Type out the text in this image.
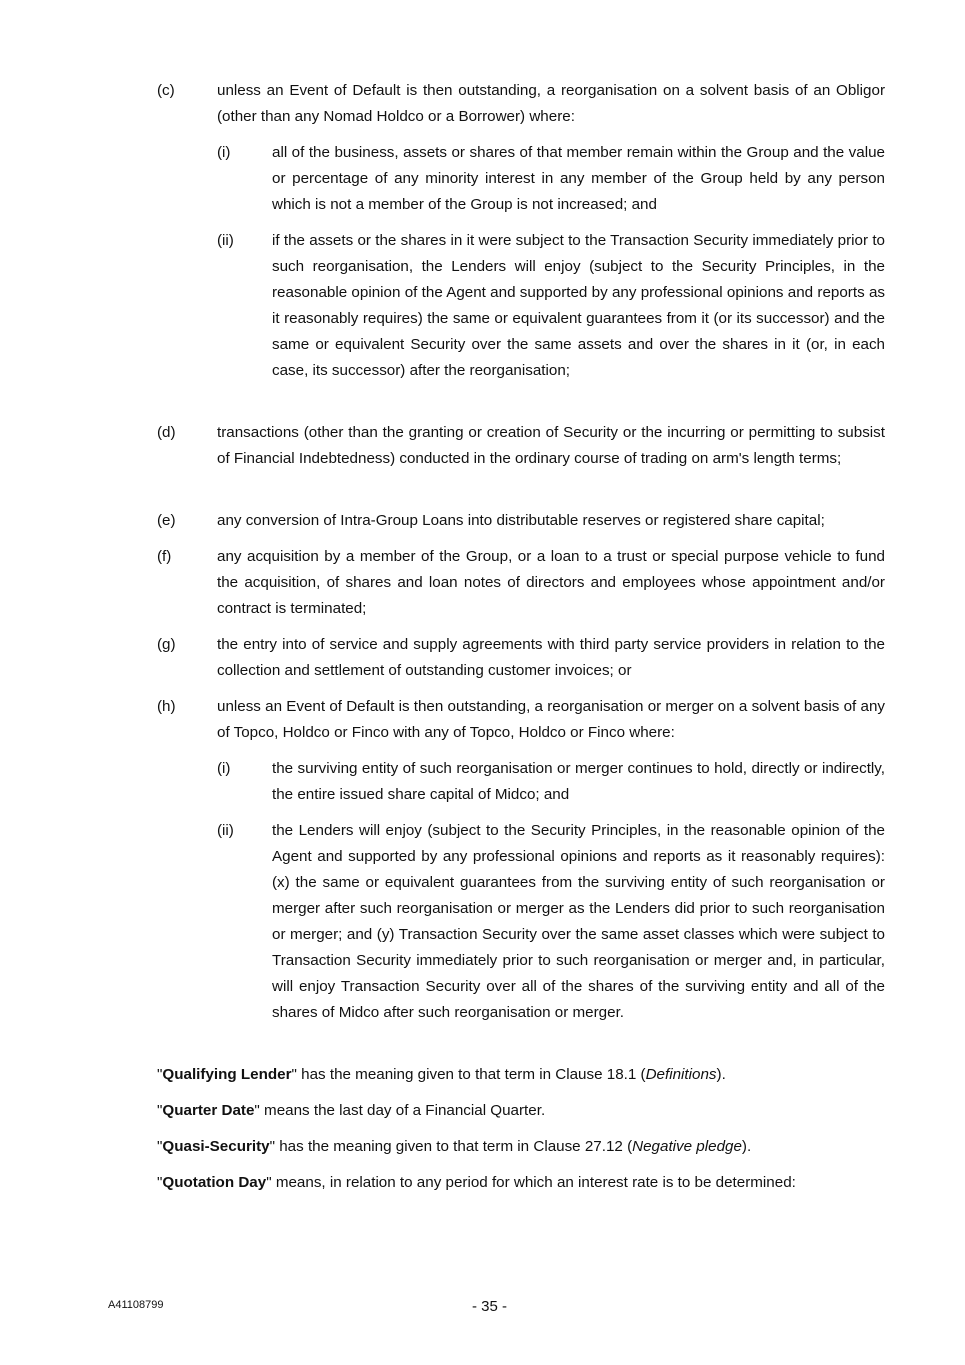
(c)	unless an Event of Default is then outstanding, a reorganisation on a solvent basis of an Obligor (other than any Nomad Holdco or a Borrower) where:
(i)	all of the business, assets or shares of that member remain within the Group and the value or percentage of any minority interest in any member of the Group held by any person which is not a member of the Group is not increased; and
(ii)	if the assets or the shares in it were subject to the Transaction Security immediately prior to such reorganisation, the Lenders will enjoy (subject to the Security Principles, in the reasonable opinion of the Agent and supported by any professional opinions and reports as it reasonably requires) the same or equivalent guarantees from it (or its successor) and the same or equivalent Security over the same assets and over the shares in it (or, in each case, its successor) after the reorganisation;
(d)	transactions (other than the granting or creation of Security or the incurring or permitting to subsist of Financial Indebtedness) conducted in the ordinary course of trading on arm's length terms;
(e)	any conversion of Intra-Group Loans into distributable reserves or registered share capital;
(f)	any acquisition by a member of the Group, or a loan to a trust or special purpose vehicle to fund the acquisition, of shares and loan notes of directors and employees whose appointment and/or contract is terminated;
(g)	the entry into of service and supply agreements with third party service providers in relation to the collection and settlement of outstanding customer invoices; or
(h)	unless an Event of Default is then outstanding, a reorganisation or merger on a solvent basis of any of Topco, Holdco or Finco with any of Topco, Holdco or Finco where:
(i)	the surviving entity of such reorganisation or merger continues to hold, directly or indirectly, the entire issued share capital of Midco; and
(ii)	the Lenders will enjoy (subject to the Security Principles, in the reasonable opinion of the Agent and supported by any professional opinions and reports as it reasonably requires): (x) the same or equivalent guarantees from the surviving entity of such reorganisation or merger after such reorganisation or merger as the Lenders did prior to such reorganisation or merger; and (y) Transaction Security over the same asset classes which were subject to Transaction Security immediately prior to such reorganisation or merger and, in particular, will enjoy Transaction Security over all of the shares of the surviving entity and all of the shares of Midco after such reorganisation or merger.
"Qualifying Lender" has the meaning given to that term in Clause 18.1 (Definitions).
"Quarter Date" means the last day of a Financial Quarter.
"Quasi-Security" has the meaning given to that term in Clause 27.12 (Negative pledge).
"Quotation Day" means, in relation to any period for which an interest rate is to be determined:
A41108799	- 35 -
